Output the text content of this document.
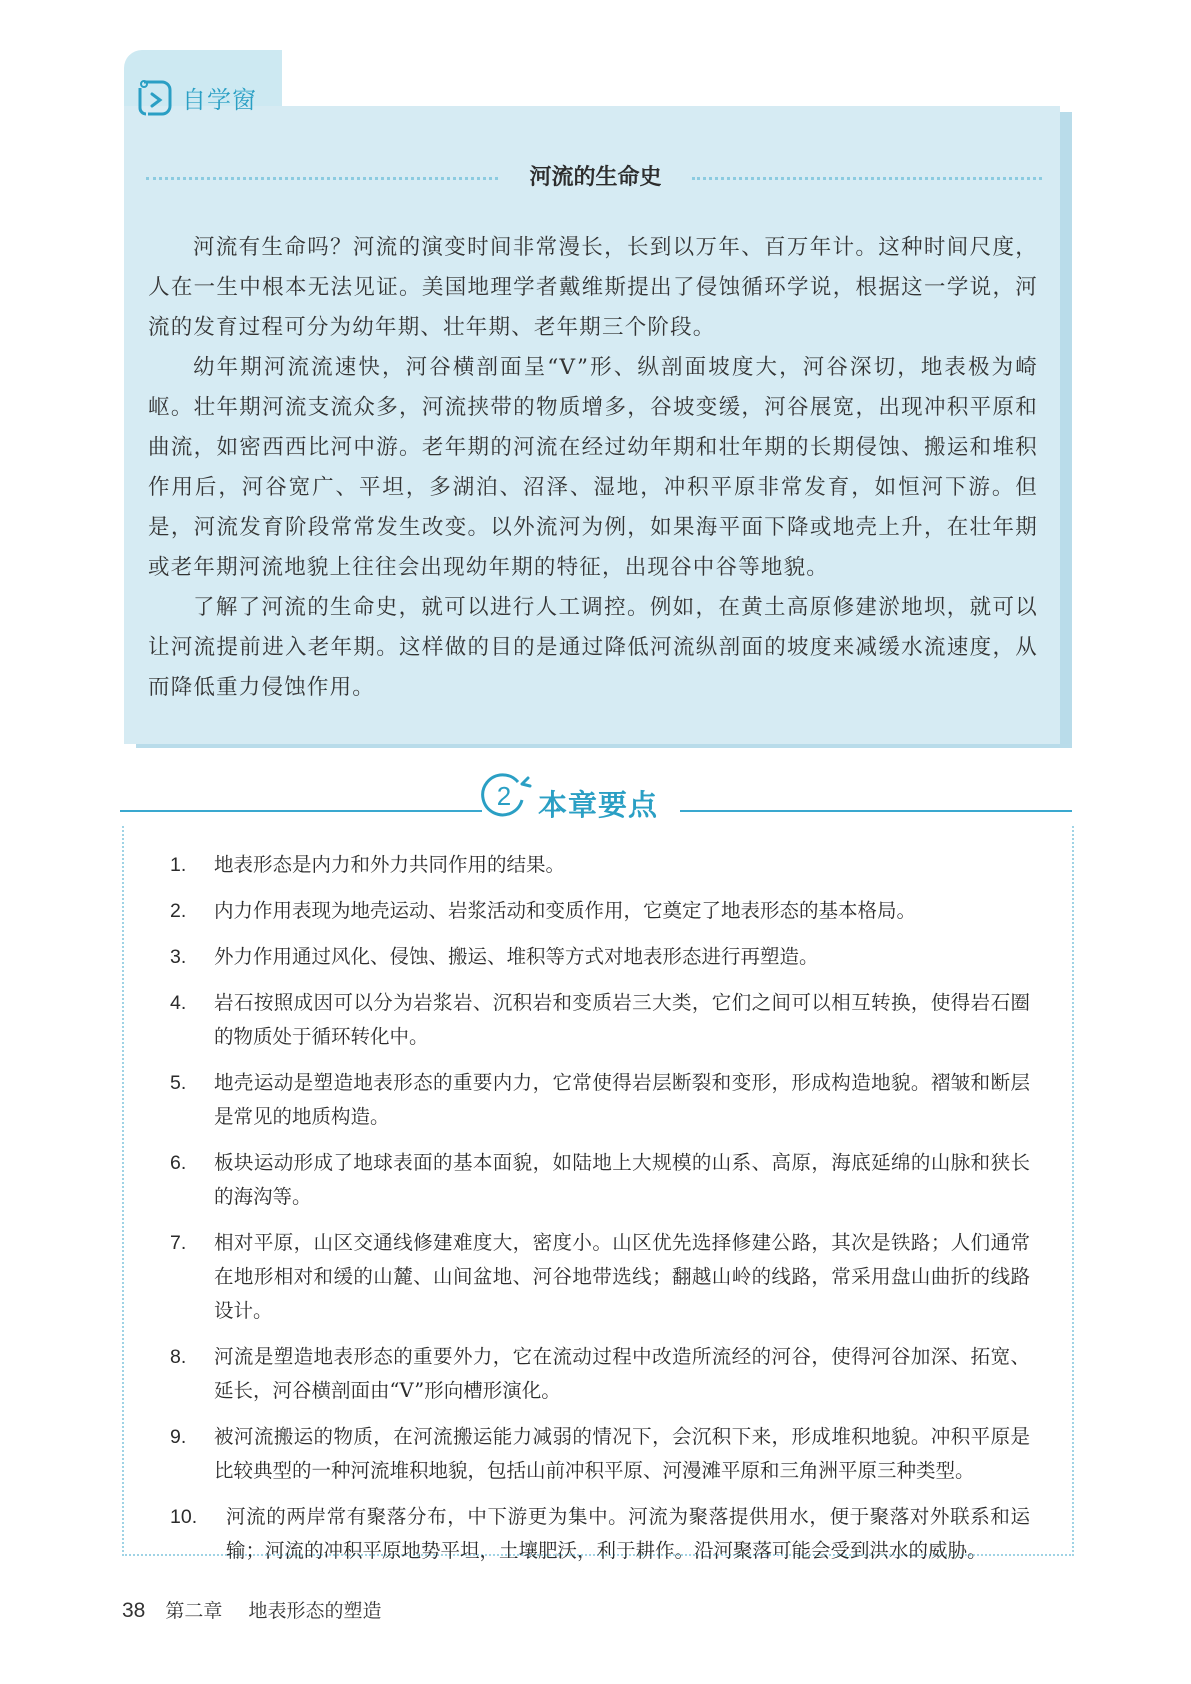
自学窗
河流的生命史

河流有生命吗？河流的演变时间非常漫长，长到以万年、百万年计。这种时间尺度，人在一生中根本无法见证。美国地理学者戴维斯提出了侵蚀循环学说，根据这一学说，河流的发育过程可分为幼年期、壮年期、老年期三个阶段。

幼年期河流流速快，河谷横剖面呈“V”形、纵剖面坡度大，河谷深切，地表极为崎岖。壮年期河流支流众多，河流挟带的物质增多，谷坡变缓，河谷展宽，出现冲积平原和曲流，如密西西比河中游。老年期的河流在经过幼年期和壮年期的长期侵蚀、搬运和堆积作用后，河谷宽广、平坦，多湖泊、沼泽、湿地，冲积平原非常发育，如恒河下游。但是，河流发育阶段常常发生改变。以外流河为例，如果海平面下降或地壳上升，在壮年期或老年期河流地貌上往往会出现幼年期的特征，出现谷中谷等地貌。

了解了河流的生命史，就可以进行人工调控。例如，在黄土高原修建淤地坝，就可以让河流提前进入老年期。这样做的目的是通过降低河流纵剖面的坡度来减缓水流速度，从而降低重力侵蚀作用。

2 本章要点
1.	地表形态是内力和外力共同作用的结果。
2.	内力作用表现为地壳运动、岩浆活动和变质作用，它奠定了地表形态的基本格局。
3.	外力作用通过风化、侵蚀、搬运、堆积等方式对地表形态进行再塑造。
4.	岩石按照成因可以分为岩浆岩、沉积岩和变质岩三大类，它们之间可以相互转换，使得岩石圈的物质处于循环转化中。
5.	地壳运动是塑造地表形态的重要内力，它常使得岩层断裂和变形，形成构造地貌。褶皱和断层是常见的地质构造。
6.	板块运动形成了地球表面的基本面貌，如陆地上大规模的山系、高原，海底延绵的山脉和狭长的海沟等。
7.	相对平原，山区交通线修建难度大，密度小。山区优先选择修建公路，其次是铁路；人们通常在地形相对和缓的山麓、山间盆地、河谷地带选线；翻越山岭的线路，常采用盘山曲折的线路设计。
8.	河流是塑造地表形态的重要外力，它在流动过程中改造所流经的河谷，使得河谷加深、拓宽、延长，河谷横剖面由“V”形向槽形演化。
9.	被河流搬运的物质，在河流搬运能力减弱的情况下，会沉积下来，形成堆积地貌。冲积平原是比较典型的一种河流堆积地貌，包括山前冲积平原、河漫滩平原和三角洲平原三种类型。
10.	河流的两岸常有聚落分布，中下游更为集中。河流为聚落提供用水，便于聚落对外联系和运输；河流的冲积平原地势平坦，土壤肥沃，利于耕作。沿河聚落可能会受到洪水的威胁。
38 第二章 地表形态的塑造
